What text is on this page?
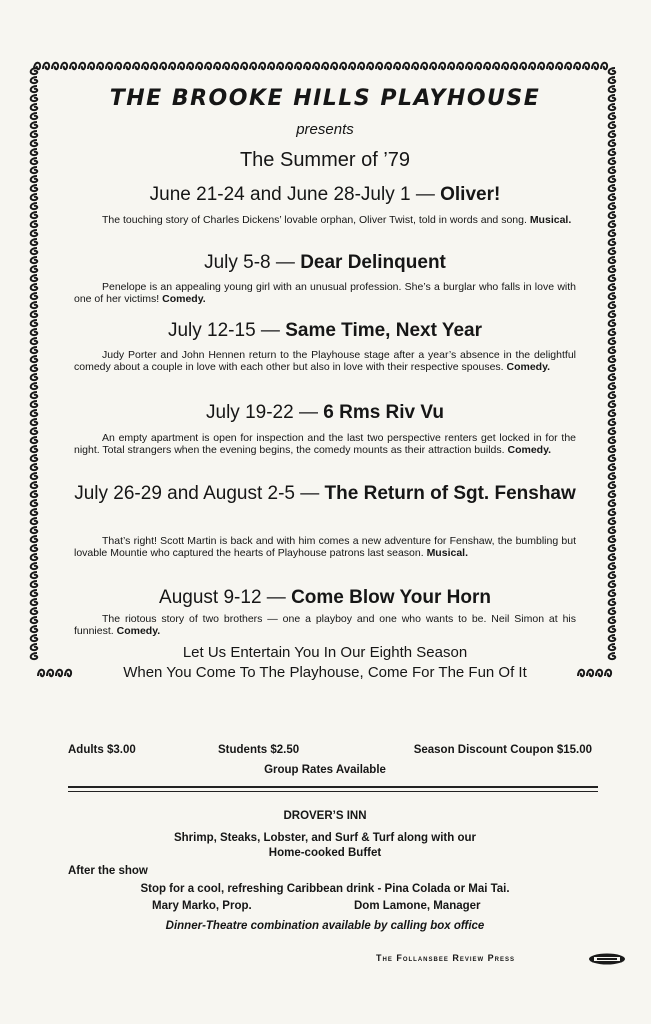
THE BROOKE HILLS PLAYHOUSE
presents
The Summer of ’79
June 21-24 and June 28-July 1 — Oliver!
The touching story of Charles Dickens’ lovable orphan, Oliver Twist, told in words and song. Musical.
July 5-8 — Dear Delinquent
Penelope is an appealing young girl with an unusual profession. She’s a burglar who falls in love with one of her victims! Comedy.
July 12-15 — Same Time, Next Year
Judy Porter and John Hennen return to the Playhouse stage after a year’s absence in the delightful comedy about a couple in love with each other but also in love with their respective spouses. Comedy.
July 19-22 — 6 Rms Riv Vu
An empty apartment is open for inspection and the last two perspective renters get locked in for the night. Total strangers when the evening begins, the comedy mounts as their attraction builds. Comedy.
July 26-29 and August 2-5 — The Return of Sgt. Fenshaw
That’s right! Scott Martin is back and with him comes a new adventure for Fenshaw, the bumbling but lovable Mountie who captured the hearts of Playhouse patrons last season. Musical.
August 9-12 — Come Blow Your Horn
The riotous story of two brothers — one a playboy and one who wants to be. Neil Simon at his funniest. Comedy.
Let Us Entertain You In Our Eighth Season
When You Come To The Playhouse, Come For The Fun Of It
Adults $3.00	Students $2.50	Season Discount Coupon $15.00
Group Rates Available
DROVER’S INN
Shrimp, Steaks, Lobster, and Surf & Turf along with our
Home-cooked Buffet
After the show
Stop for a cool, refreshing Caribbean drink - Pina Colada or Mai Tai.
Mary Marko, Prop.	Dom Lamone, Manager
Dinner-Theatre combination available by calling box office
The Follansbee Review Press
